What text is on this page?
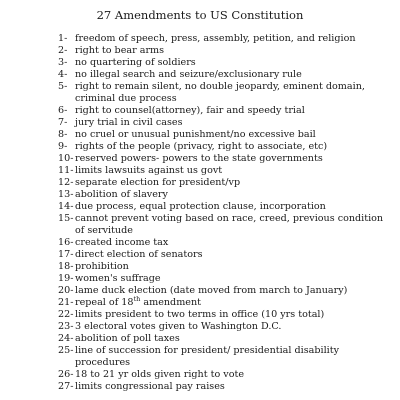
27 Amendments to US Constitution
1- freedom of speech, press, assembly, petition, and religion
2- right to bear arms
3- no quartering of soldiers
4- no illegal search and seizure/exclusionary rule
5- right to remain silent, no double jeopardy, eminent domain, criminal due process
6- right to counsel(attorney), fair and speedy trial
7- jury trial in civil cases
8- no cruel or unusual punishment/no excessive bail
9- rights of the people (privacy, right to associate, etc)
10- reserved powers- powers to the state governments
11- limits lawsuits against us govt
12- separate election for president/vp
13- abolition of slavery
14- due process, equal protection clause, incorporation
15- cannot prevent voting based on race, creed, previous condition of servitude
16- created income tax
17- direct election of senators
18- prohibition
19- women's suffrage
20- lame duck election (date moved from march to January)
21- repeal of 18th amendment
22- limits president to two terms in office (10 yrs total)
23- 3 electoral votes given to Washington D.C.
24- abolition of poll taxes
25- line of succession for president/ presidential disability procedures
26- 18 to 21 yr olds given right to vote
27- limits congressional pay raises
